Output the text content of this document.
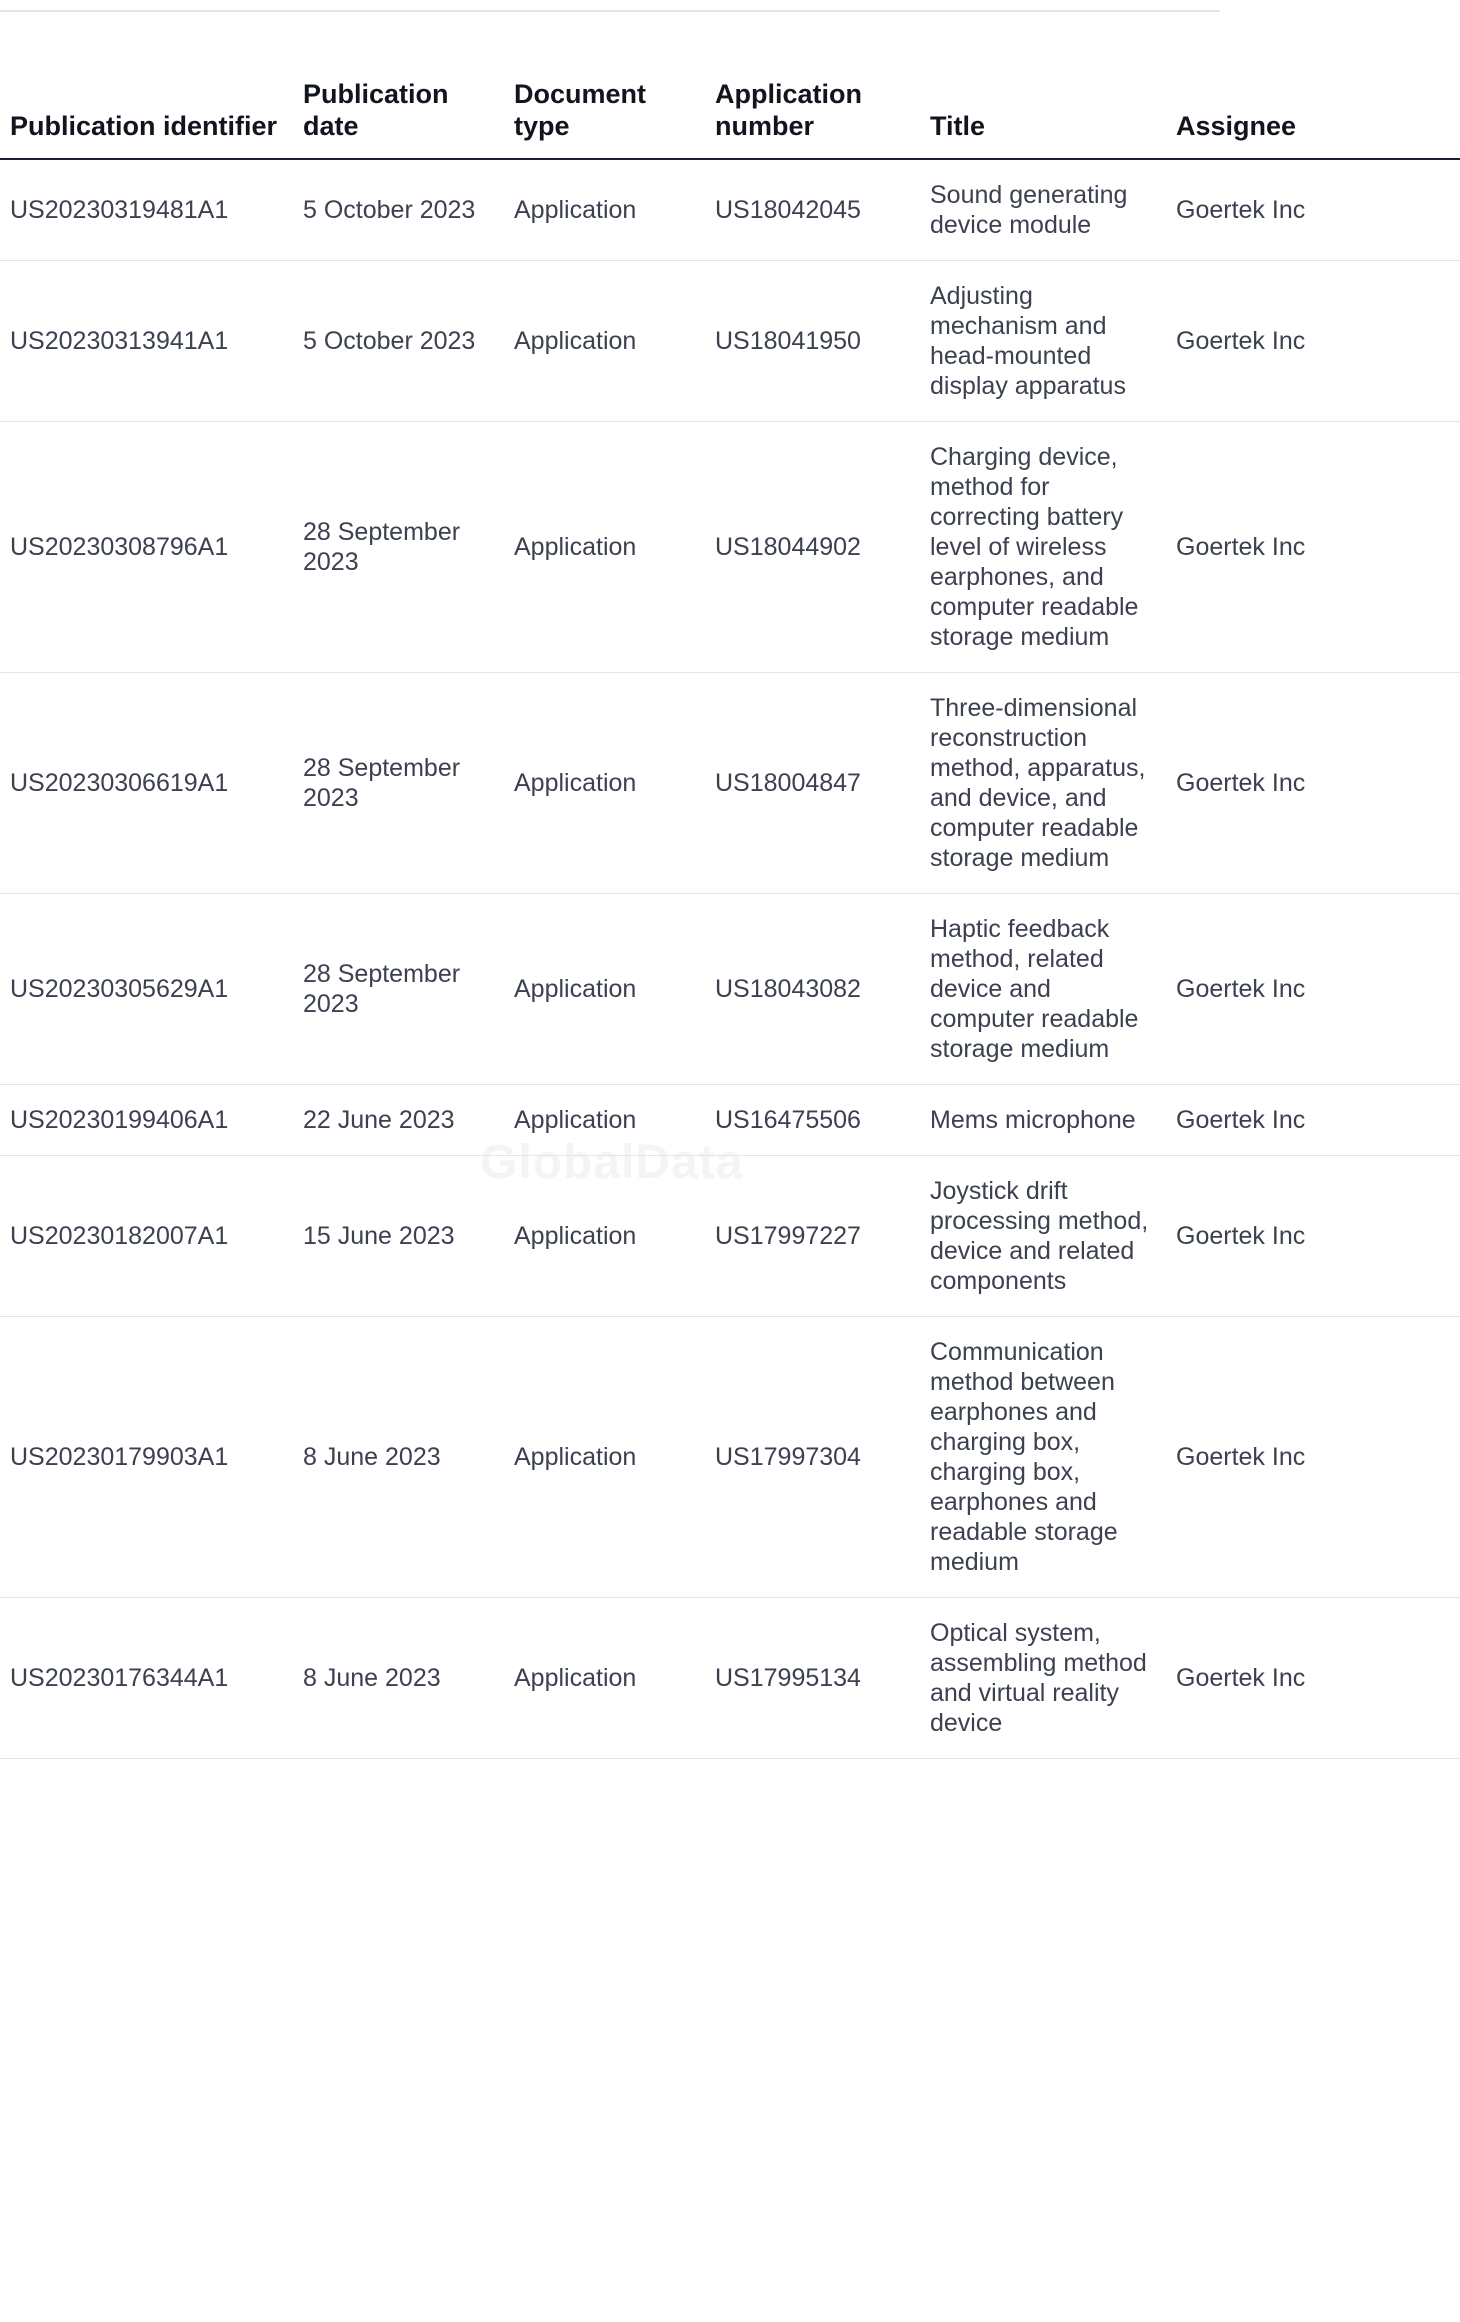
GlobalData
Publication identifier	Publication date	Document type	Application number	Title	Assignee
US20230319481A1	5 October 2023	Application	US18042045	Sound generating device module	Goertek Inc
US20230313941A1	5 October 2023	Application	US18041950	Adjusting mechanism and head-mounted display apparatus	Goertek Inc
US20230308796A1	28 September 2023	Application	US18044902	Charging device, method for correcting battery level of wireless earphones, and computer readable storage medium	Goertek Inc
US20230306619A1	28 September 2023	Application	US18004847	Three-dimensional reconstruction method, apparatus, and device, and computer readable storage medium	Goertek Inc
US20230305629A1	28 September 2023	Application	US18043082	Haptic feedback method, related device and computer readable storage medium	Goertek Inc
US20230199406A1	22 June 2023	Application	US16475506	Mems microphone	Goertek Inc
US20230182007A1	15 June 2023	Application	US17997227	Joystick drift processing method, device and related components	Goertek Inc
US20230179903A1	8 June 2023	Application	US17997304	Communication method between earphones and charging box, charging box, earphones and readable storage medium	Goertek Inc
US20230176344A1	8 June 2023	Application	US17995134	Optical system, assembling method and virtual reality device	Goertek Inc
